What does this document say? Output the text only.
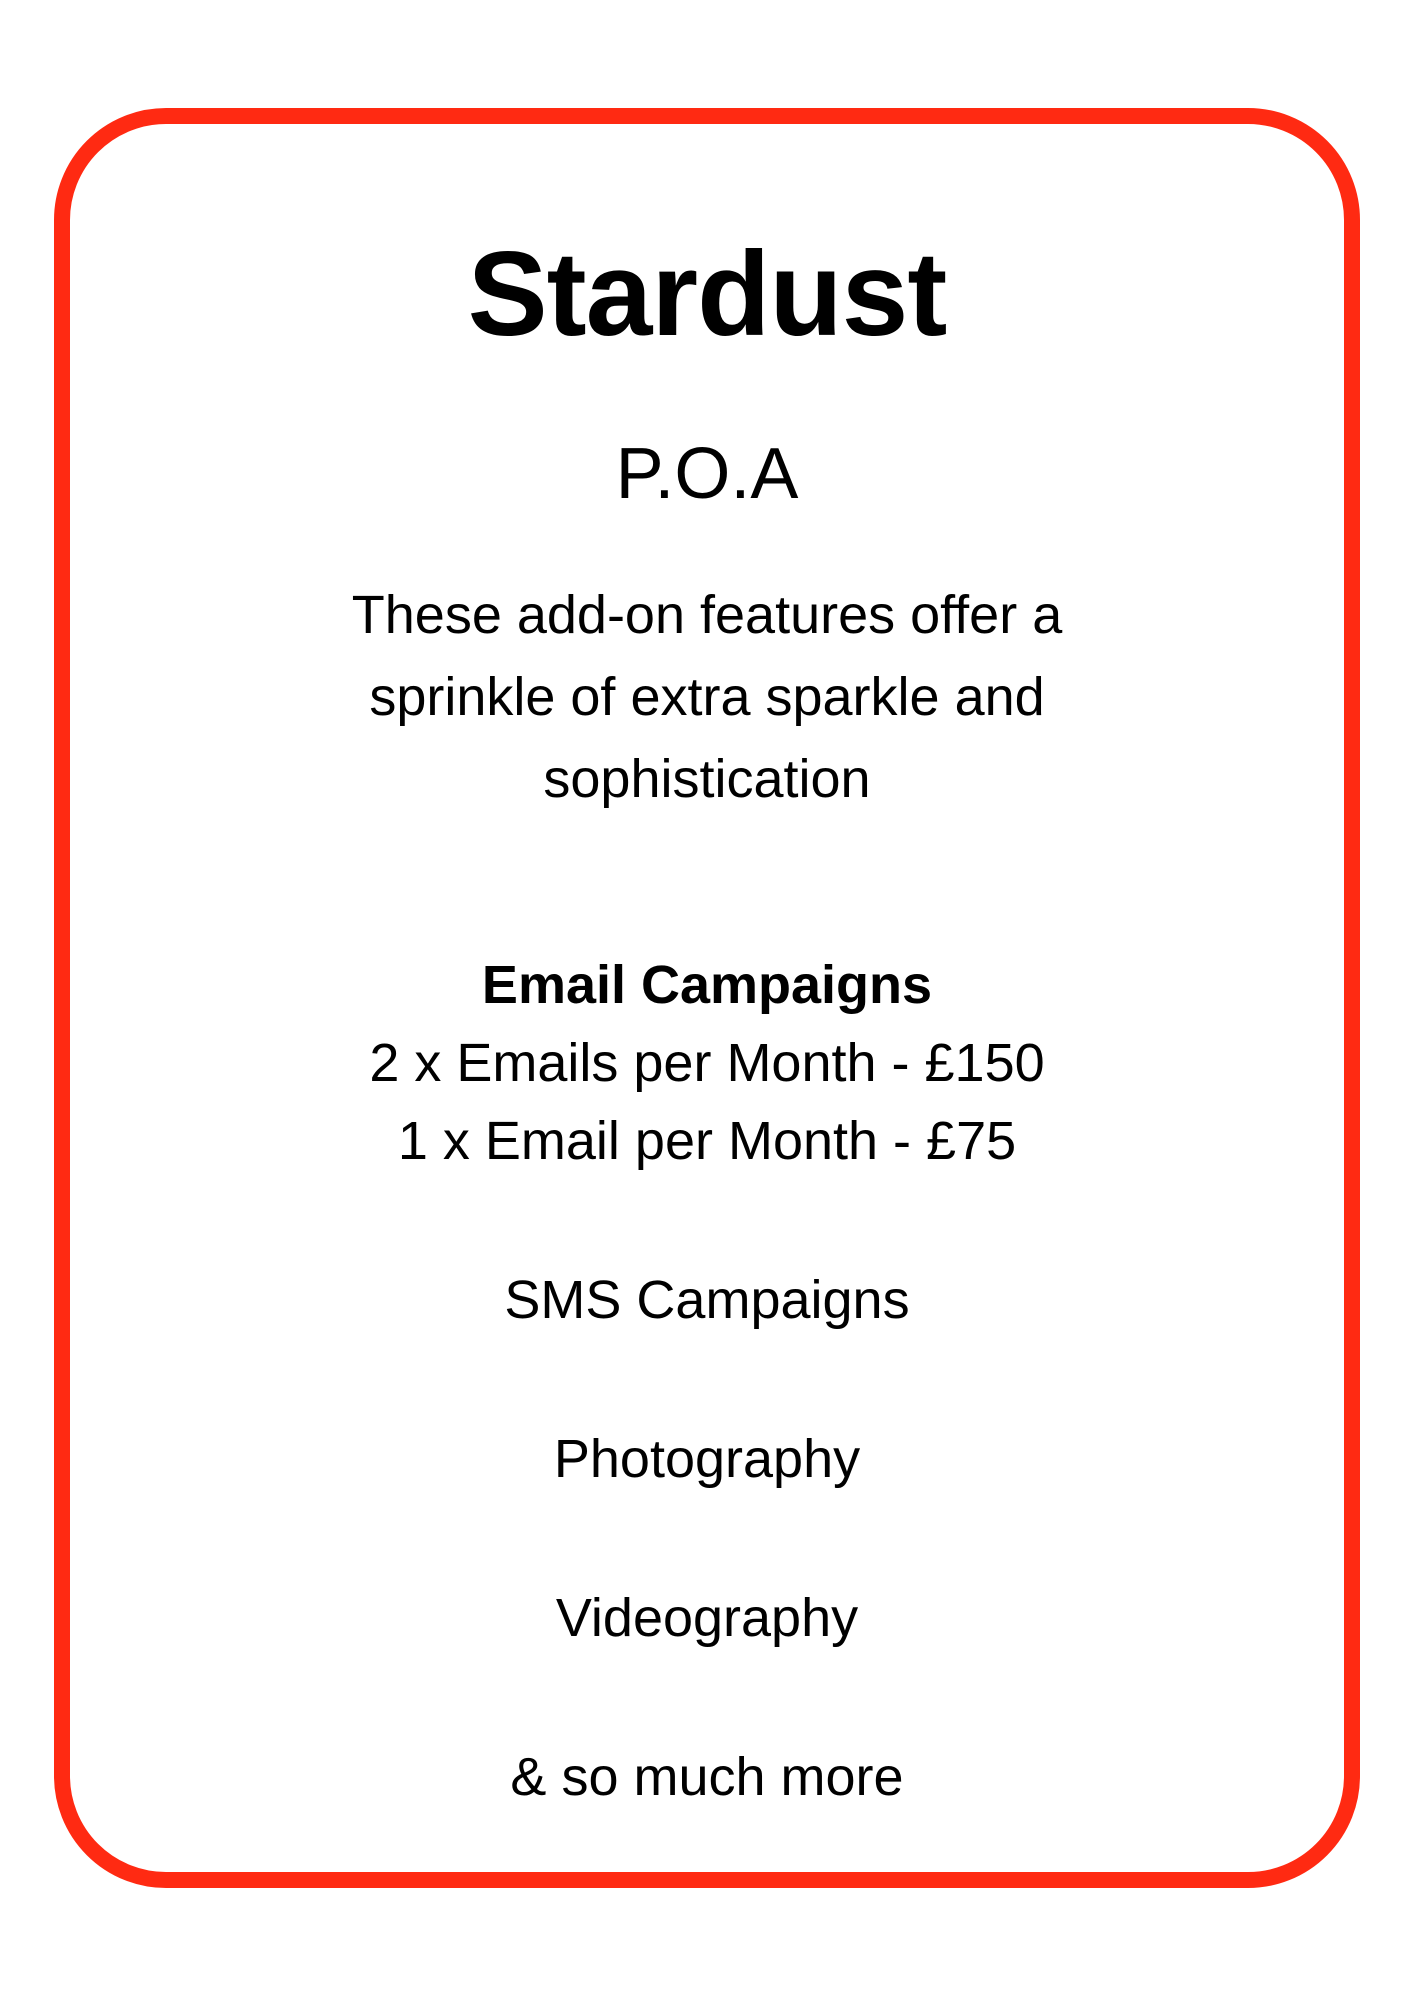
Stardust
P.O.A
These add-on features offer a sprinkle of extra sparkle and sophistication
Email Campaigns
2 x Emails per Month - £150
1 x Email per Month - £75
SMS Campaigns
Photography
Videography
& so much more
